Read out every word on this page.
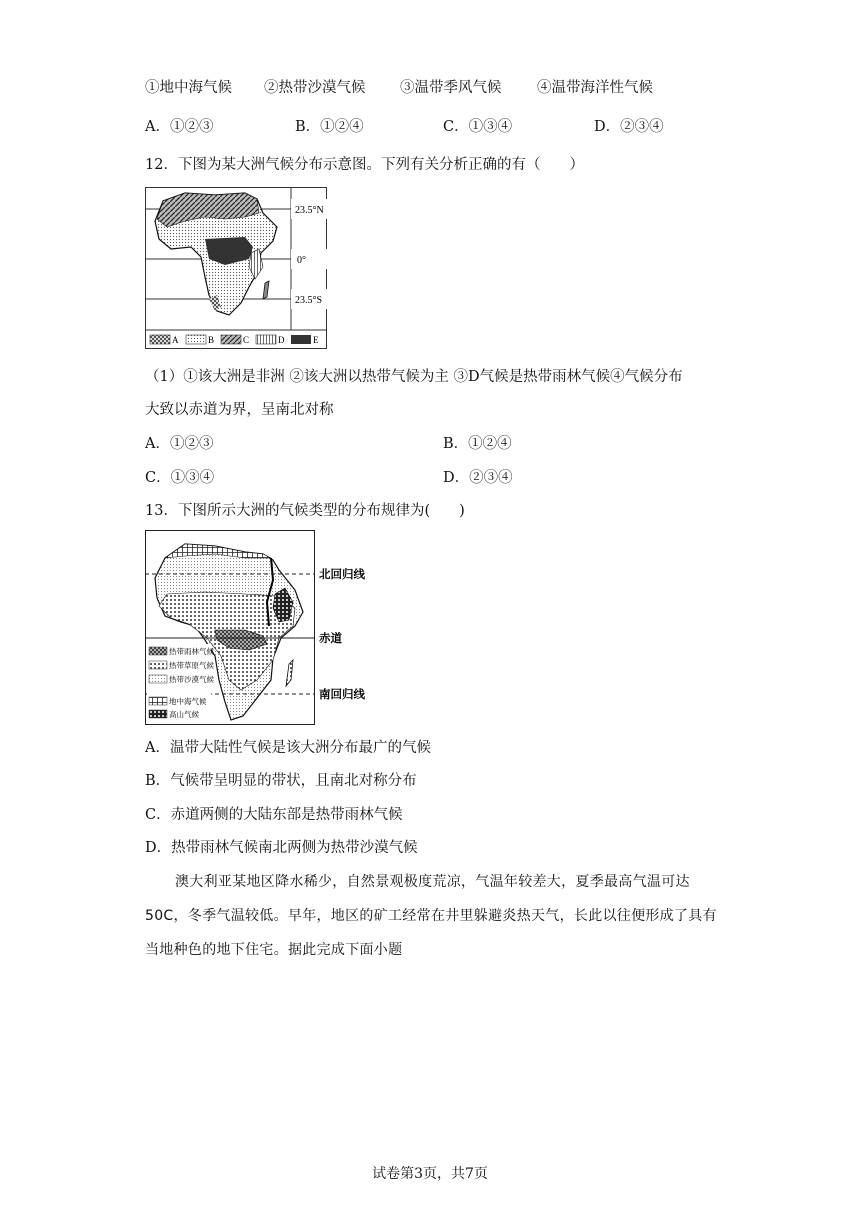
①地中海气候 ②热带沙漠气候 ③温带季风气候 ④温带海洋性气候
A．①②③	B．①②④	C．①③④	D．②③④
12．下图为某大洲气候分布示意图。下列有关分析正确的有（　　）
23.5°N
0°
23.5°S
A	B	C	D	E
（1）①该大洲是非洲 ②该大洲以热带气候为主 ③D气候是热带雨林气候④气候分布
大致以赤道为界，呈南北对称
A．①②③	B．①②④
C．①③④	D．②③④
13．下图所示大洲的气候类型的分布规律为(　　)
热带雨林气候
热带草原气候
热带沙漠气候
地中海气候
高山气候
北回归线
赤道
南回归线
A．温带大陆性气候是该大洲分布最广的气候
B．气候带呈明显的带状，且南北对称分布
C．赤道两侧的大陆东部是热带雨林气候
D．热带雨林气候南北两侧为热带沙漠气候
澳大利亚某地区降水稀少，自然景观极度荒凉，气温年较差大，夏季最高气温可达
50C，冬季气温较低。早年，地区的矿工经常在井里躲避炎热天气，长此以往便形成了具有
当地种色的地下住宅。据此完成下面小题
试卷第3页，共7页
